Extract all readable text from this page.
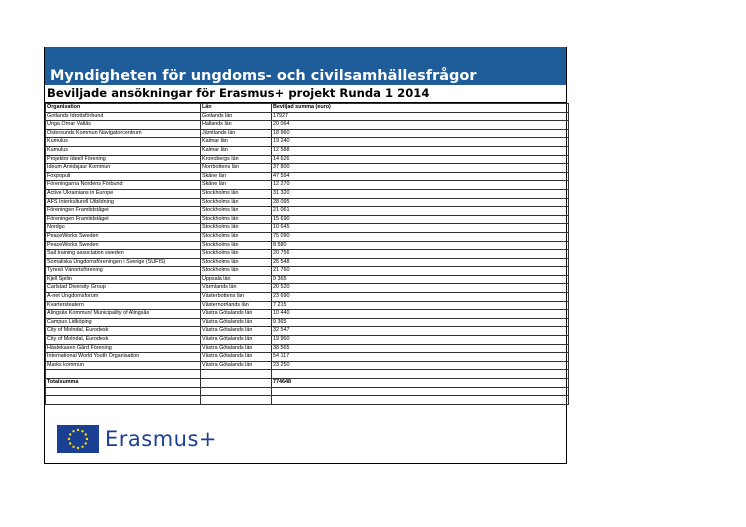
Myndigheten för ungdoms- och civilsamhällesfrågor
Beviljade ansökningar för Erasmus+ projekt Runda 1 2014
Organisation	Län	Beviljad summa (euro)
Gotlands Idrottsförbund	Gotlands län	17927
Unga Örnar Vallås	Hallands län	20 064
Östersunds Kommun Navigatorcentrum	Jämtlands län	18 960
Kumulus	Kalmar län	19 240
Kumulus	Kalmar län	12 588
Projektor Ideell Förening	Kronobergs län	14 626
Ideum Arvidsjaur Kommun	Norrbottens län	37 800
Foxpopuli	Skåne län	47 594
Föreningarna Nordens Förbund	Skåne län	12 270
Active Ukrainians in Europe	Stockholms län	31 320
AFS Interkulturell Utbildning	Stockholms län	28 095
Föreningen Framtidståget	Stockholms län	21 061
Föreningen Framtidståget	Stockholms län	15 690
Nordgu	Stockholms län	10 645
PeaceWorks Sweden	Stockholms län	75 090
PeaceWorks Sweden	Stockholms län	8 580
Sail training association sweden	Stockholms län	20 756
Somaliska Ungdomsföreningen i Sverige (SUFIS)	Stockholms län	25 548
Tyresö Vänortsförening	Stockholms län	21 760
Kjell Sjelin	Uppsala län	9 365
Carlstad Diversity Group	Värmlands län	20 520
A-net Ungdomsforum	Västerbottens län	23 690
Kvartersteatern	Västernorrlands län	7 215
Alingsås Kommun/ Municipality of Alingsås	Västra Götalands län	10 440
Campus Lidköping	Västra Götalands län	9 365
City of Molndal, Eurodesk	Västra Götalands län	32 547
City of Molndal, Eurodesk	Västra Götalands län	19 960
Hästekasen Gård Förening	Västra Götalands län	38 565
International World Youth Organisation	Västra Götalands län	54 117
Marks kommun	Västra Götalands län	23 250

Totalsumma		774648

Erasmus+
